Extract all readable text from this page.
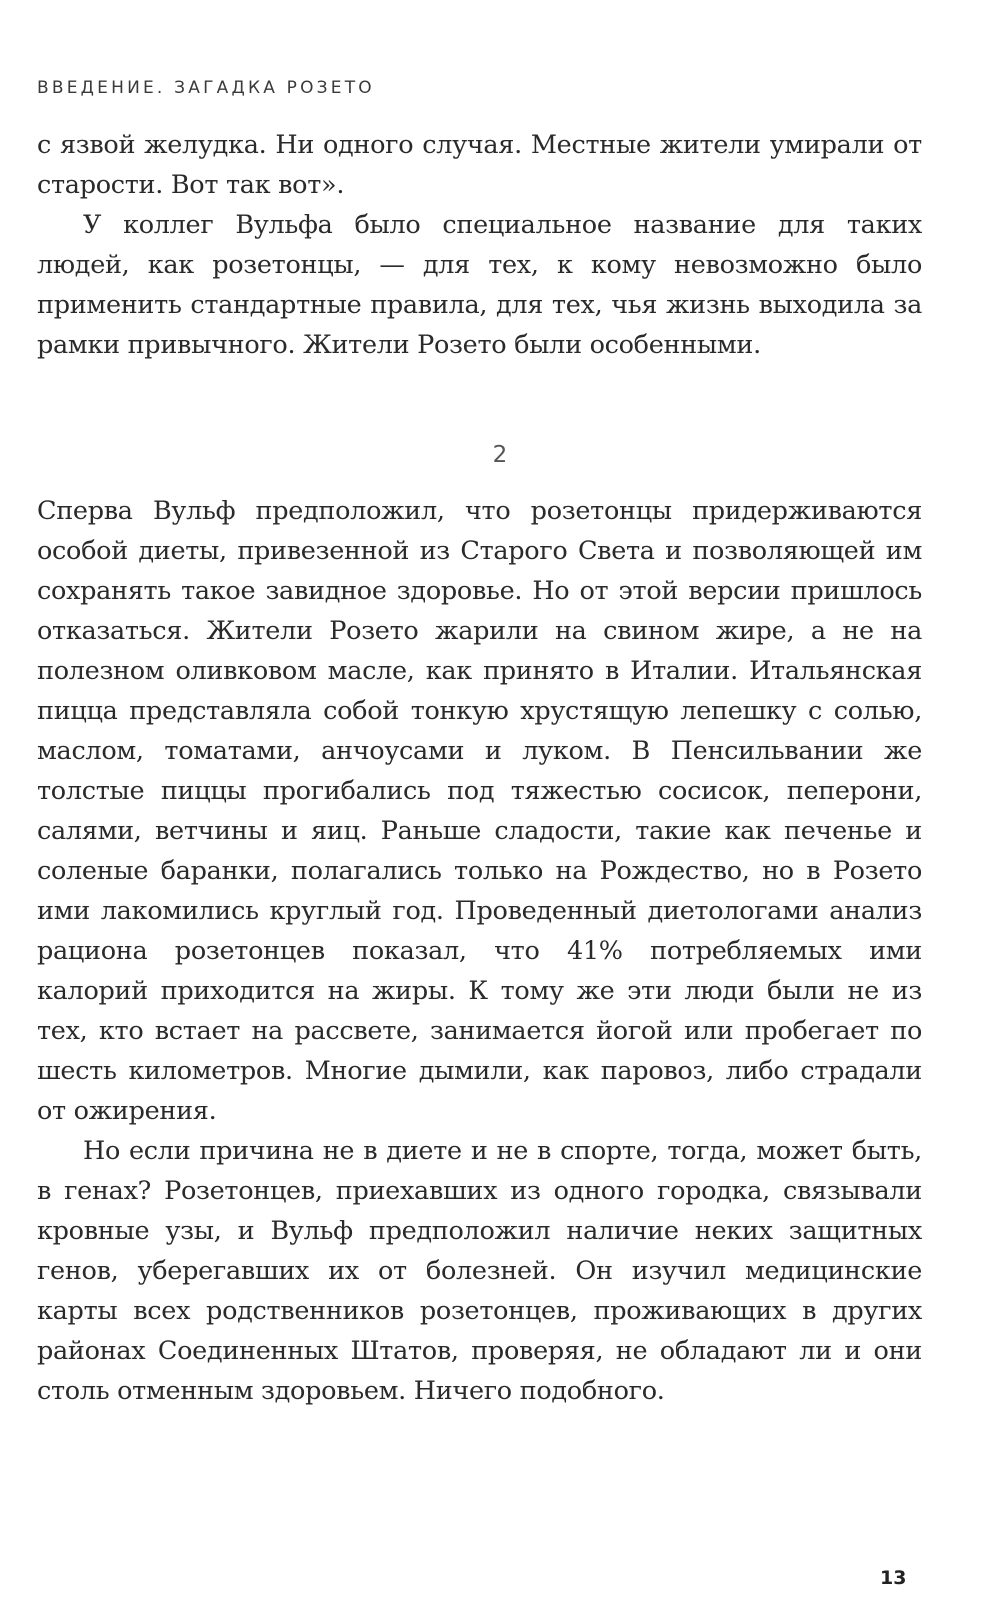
ВВЕДЕНИЕ. ЗАГАДКА РОЗЕТО

с язвой желудка. Ни одного случая. Местные жители умирали от старости. Вот так вот».

У коллег Вульфа было специальное название для таких людей, как розетонцы, — для тех, к кому невозможно было применить стандартные правила, для тех, чья жизнь выходила за рамки привычного. Жители Розето были особенными.

2

Сперва Вульф предположил, что розетонцы придерживаются особой диеты, привезенной из Старого Света и позволяющей им сохранять такое завидное здоровье. Но от этой версии пришлось отказаться. Жители Розето жарили на свином жире, а не на полезном оливковом масле, как принято в Италии. Итальянская пицца представляла собой тонкую хрустящую лепешку с солью, маслом, томатами, анчоусами и луком. В Пенсильвании же толстые пиццы прогибались под тяжестью сосисок, пеперони, салями, ветчины и яиц. Раньше сладости, такие как печенье и соленые баранки, полагались только на Рождество, но в Розето ими лакомились круглый год. Проведенный диетологами анализ рациона розетонцев показал, что 41% потребляемых ими калорий приходится на жиры. К тому же эти люди были не из тех, кто встает на рассвете, занимается йогой или пробегает по шесть километров. Многие дымили, как паровоз, либо страдали от ожирения.

Но если причина не в диете и не в спорте, тогда, может быть, в генах? Розетонцев, приехавших из одного городка, связывали кровные узы, и Вульф предположил наличие неких защитных генов, уберегавших их от болезней. Он изучил медицинские карты всех родственников розетонцев, проживающих в других районах Соединенных Штатов, проверяя, не обладают ли и они столь отменным здоровьем. Ничего подобного.

13
